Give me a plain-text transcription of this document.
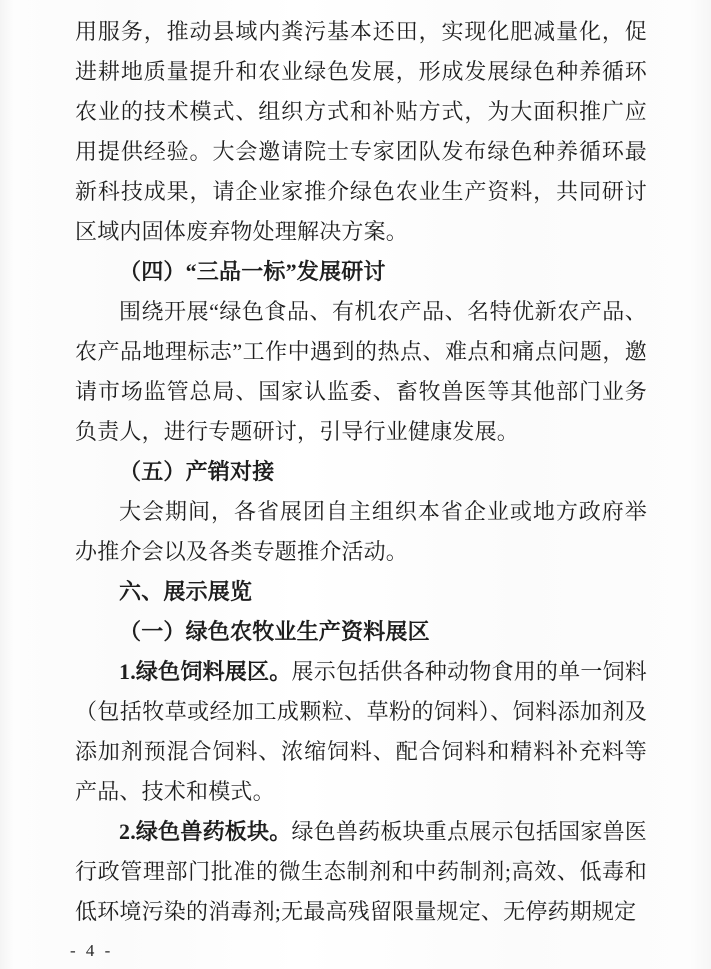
用服务，推动县域内粪污基本还田，实现化肥减量化，促进耕地质量提升和农业绿色发展，形成发展绿色种养循环农业的技术模式、组织方式和补贴方式，为大面积推广应用提供经验。大会邀请院士专家团队发布绿色种养循环最新科技成果，请企业家推介绿色农业生产资料，共同研讨区域内固体废弃物处理解决方案。

（四）“三品一标”发展研讨

围绕开展“绿色食品、有机农产品、名特优新农产品、农产品地理标志”工作中遇到的热点、难点和痛点问题，邀请市场监管总局、国家认监委、畜牧兽医等其他部门业务负责人，进行专题研讨，引导行业健康发展。

（五）产销对接

大会期间，各省展团自主组织本省企业或地方政府举办推介会以及各类专题推介活动。

六、展示展览

（一）绿色农牧业生产资料展区

1.绿色饲料展区。展示包括供各种动物食用的单一饲料（包括牧草或经加工成颗粒、草粉的饲料）、饲料添加剂及添加剂预混合饲料、浓缩饲料、配合饲料和精料补充料等产品、技术和模式。

2.绿色兽药板块。绿色兽药板块重点展示包括国家兽医行政管理部门批准的微生态制剂和中药制剂;高效、低毒和低环境污染的消毒剂;无最高残留限量规定、无停药期规定

- 4 -
